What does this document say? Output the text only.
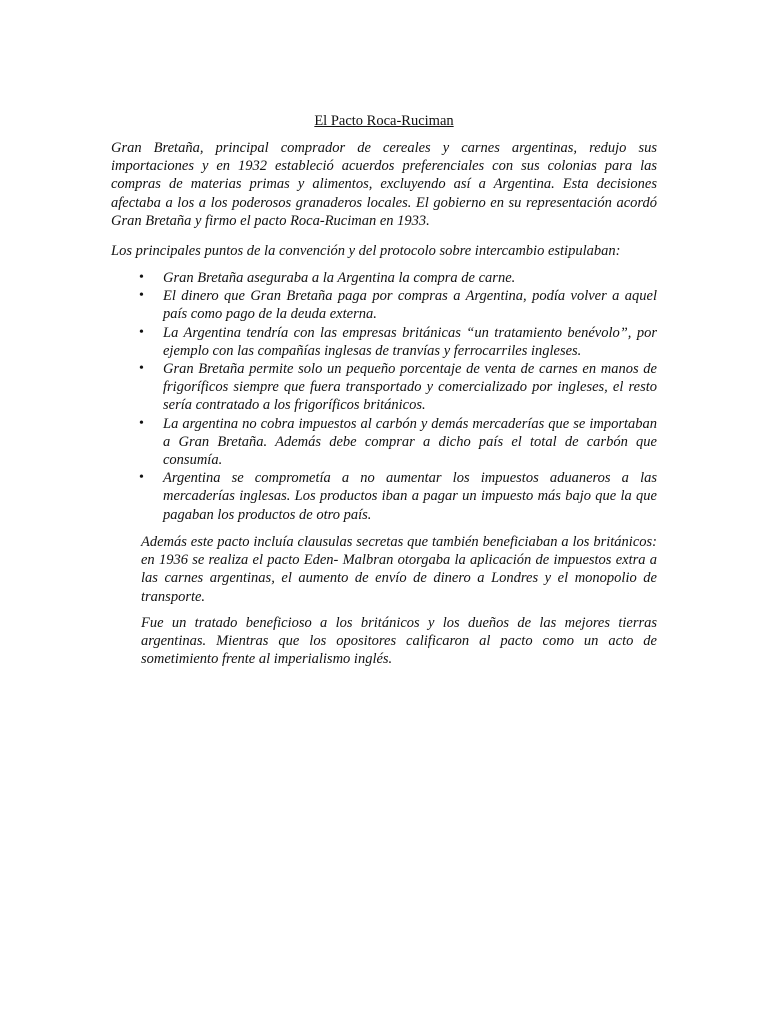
El Pacto Roca-Ruciman

Gran Bretaña, principal comprador de cereales y carnes argentinas, redujo sus importaciones y en 1932 estableció acuerdos preferenciales con sus colonias para las compras de materias primas y alimentos, excluyendo así a Argentina. Esta decisiones afectaba a los a los poderosos granaderos locales. El gobierno en su representación acordó Gran Bretaña y firmo el pacto Roca-Ruciman en 1933.

Los principales puntos de la convención y del protocolo sobre intercambio estipulaban:

• Gran Bretaña aseguraba a la Argentina la compra de carne.
• El dinero que Gran Bretaña paga por compras a Argentina, podía volver a aquel país como pago de la deuda externa.
• La Argentina tendría con las empresas británicas “un tratamiento benévolo”, por ejemplo con las compañías inglesas de tranvías y ferrocarriles ingleses.
• Gran Bretaña permite solo un pequeño porcentaje de venta de carnes en manos de frigoríficos siempre que fuera transportado y comercializado por ingleses, el resto sería contratado a los frigoríficos británicos.
• La argentina no cobra impuestos al carbón y demás mercaderías que se importaban a Gran Bretaña. Además debe comprar a dicho país el total de carbón que consumía.
• Argentina se comprometía a no aumentar los impuestos aduaneros a las mercaderías inglesas. Los productos iban a pagar un impuesto más bajo que la que pagaban los productos de otro país.

Además este pacto incluía clausulas secretas que también beneficiaban a los británicos: en 1936 se realiza el pacto Eden- Malbran otorgaba la aplicación de impuestos extra a las carnes argentinas, el aumento de envío de dinero a Londres y el monopolio de transporte.

Fue un tratado beneficioso a los británicos y los dueños de las mejores tierras argentinas. Mientras que los opositores calificaron al pacto como un acto de sometimiento frente al imperialismo inglés.
